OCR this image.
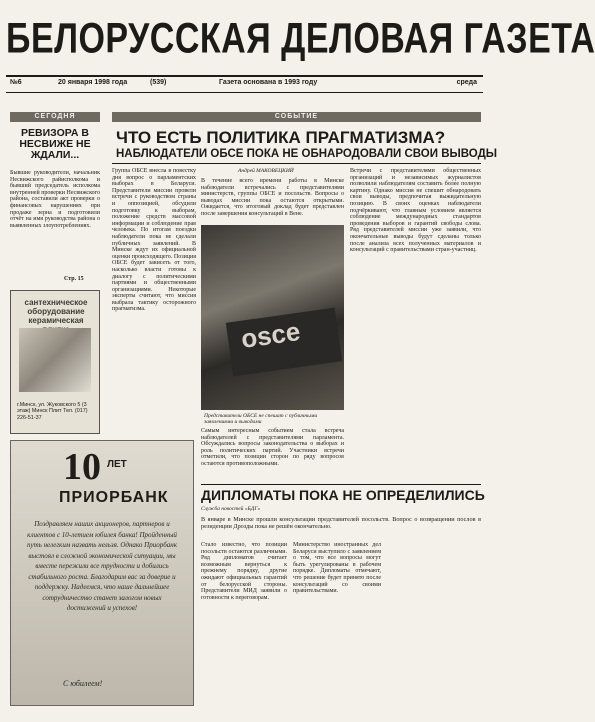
БЕЛОРУССКАЯ ДЕЛОВАЯ ГАЗЕТА
№6	20 января 1998 года	(539)	Газета основана в 1993 году	среда
СЕГОДНЯ	СОБЫТИЕ
РЕВИЗОРА В НЕСВИЖЕ НЕ ЖДАЛИ...
Бывшие руководители, начальник Несвижского райисполкома и бывший председатель исполкома внутренней проверки Несвижского района, составили акт проверки о финансовых нарушениях при продаже зерна и подготовили отчёт на имя руководства района о выявленных злоупотреблениях.
Стр. 15
сантехническое оборудование керамическая
г.Минск, ул. Жуковского 5 (3 этаж) Минск Плит Тел. (017) 226-51-37
10 ЛЕТ
ПРИОРБАНК
Поздравляем наших акционеров, партнеров и клиентов с 10-летием юбилея банка! Пройденный путь нелегким назвать нельзя. Однако Приорбанк выстоял в сложной экономической ситуации, мы вместе пережили все трудности и добились стабильного роста. Благодарим вас за доверие и поддержку. Надеемся, что наше дальнейшее сотрудничество станет залогом новых достижений и успехов!
С юбилеем!
ЧТО ЕСТЬ ПОЛИТИКА ПРАГМАТИЗМА?
НАБЛЮДАТЕЛИ ОБСЕ ПОКА НЕ ОБНАРОДОВАЛИ СВОИ ВЫВОДЫ
Группа ОБСЕ внесла в повестку дня вопрос о парламентских выборах в Беларуси. Представители миссии провели встречи с руководством страны и оппозицией, обсудили подготовку к выборам, положение средств массовой информации и соблюдение прав человека. По итогам поездки наблюдатели пока не сделали публичных заявлений. В Минске ждут их официальной оценки происходящего. Позиция ОБСЕ будет зависеть от того, насколько власти готовы к диалогу с политическими партиями и общественными организациями. Некоторые эксперты считают, что миссия выбрала тактику осторожного прагматизма.
Андрей МАКОВЕЦКИЙ
В течение всего времени работы в Минске наблюдатели встречались с представителями министерств, группы ОБСЕ и посольств. Вопросы о выводах миссии пока остаются открытыми. Ожидается, что итоговый доклад будет представлен после завершения консультаций в Вене.
Встречи с представителями общественных организаций и независимых журналистов позволили наблюдателям составить более полную картину. Однако миссия не спешит обнародовать свои выводы, предпочитая выжидательную позицию. В своих оценках наблюдатели подчёркивают, что главным условием является соблюдение международных стандартов проведения выборов и гарантий свободы слова. Ряд представителей миссии уже заявили, что окончательные выводы будут сделаны только после анализа всех полученных материалов и консультаций с правительствами стран-участниц.
osce
Представители ОБСЕ не спешат с публичными заявлениями и выводами
Самым интересным событием стала встреча наблюдателей с представителями парламента. Обсуждались вопросы законодательства о выборах и роль политических партий. Участники встречи отметили, что позиции сторон по ряду вопросов остаются противоположными.
ДИПЛОМАТЫ ПОКА НЕ ОПРЕДЕЛИЛИСЬ
Служба новостей «БДГ»
В январе в Минске прошли консультации представителей посольств. Вопрос о возвращении послов в резиденции Дрозды пока не решён окончательно.
Стало известно, что позиции посольств остаются различными. Ряд дипломатов считает возможным вернуться к прежнему порядку, другие ожидают официальных гарантий от белорусской стороны. Представители МИД заявили о готовности к переговорам.
Министерство иностранных дел Беларуси выступило с заявлением о том, что все вопросы могут быть урегулированы в рабочем порядке. Дипломаты отмечают, что решение будет принято после консультаций со своими правительствами.
